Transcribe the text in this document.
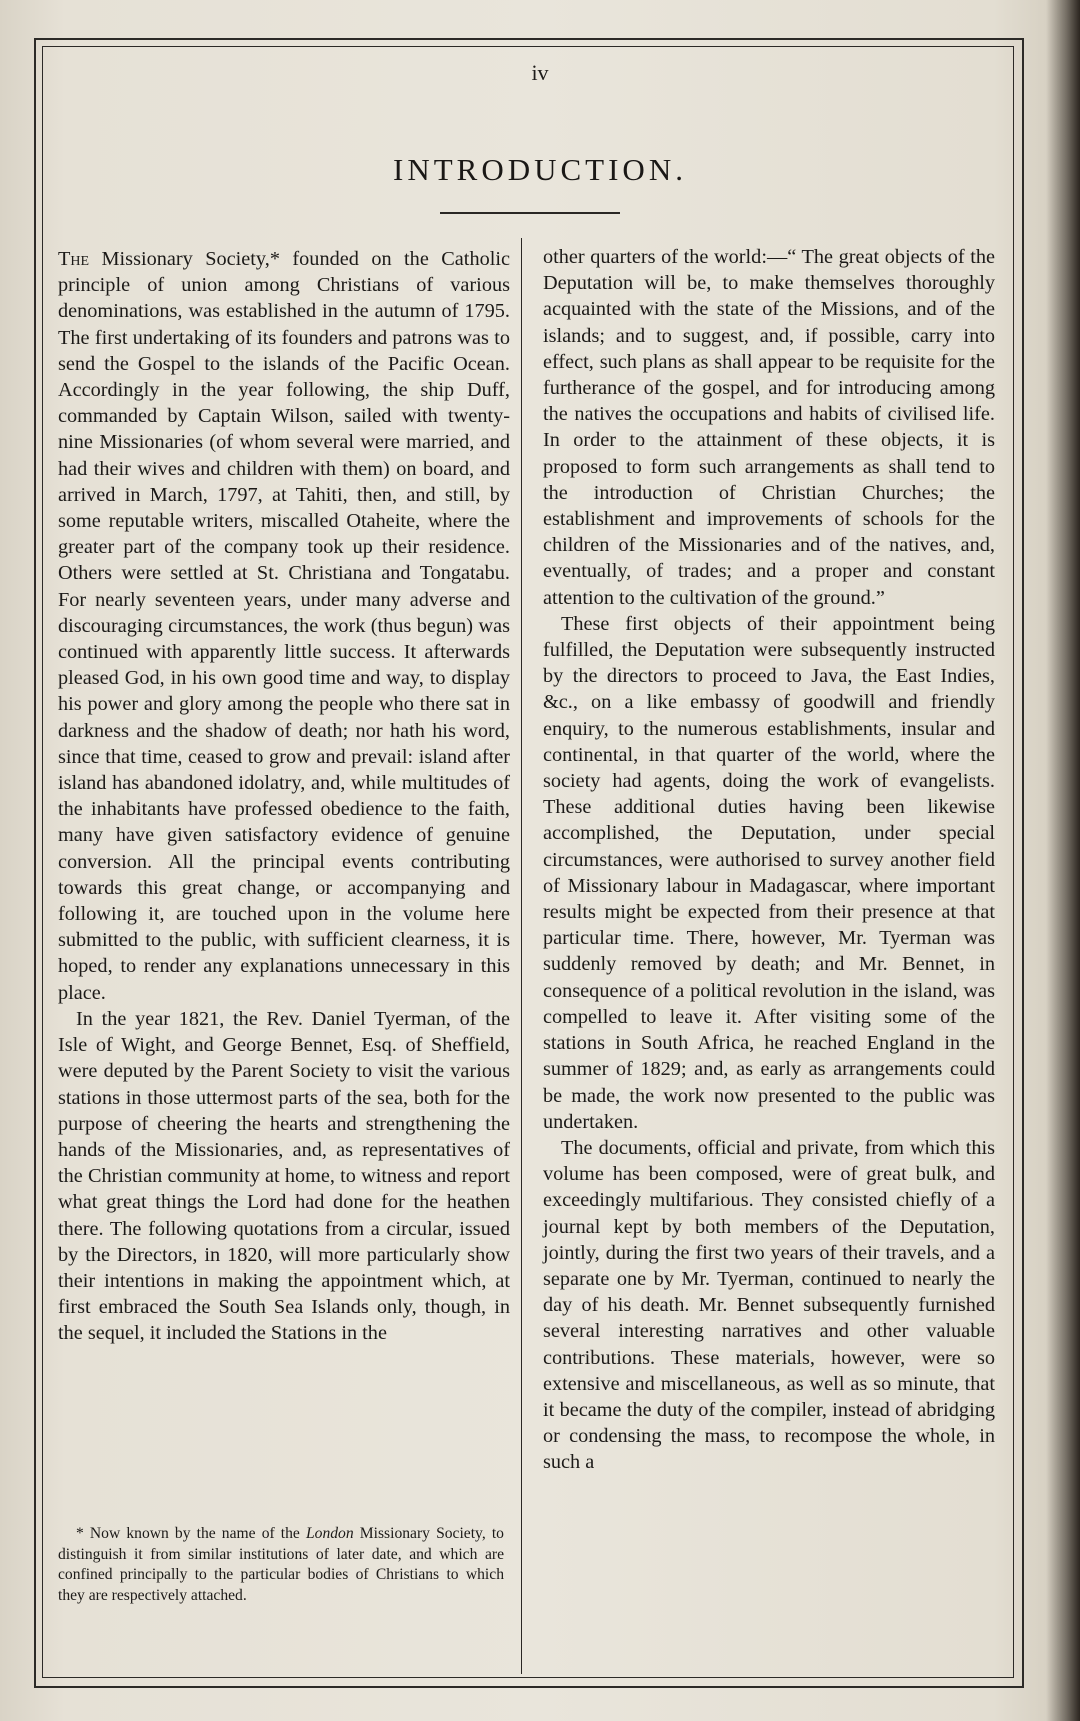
iv
INTRODUCTION.

The Missionary Society,* founded on the Catholic principle of union among Christians of various denominations, was established in the autumn of 1795. The first undertaking of its founders and patrons was to send the Gospel to the islands of the Pacific Ocean. Accordingly in the year following, the ship Duff, commanded by Captain Wilson, sailed with twenty-nine Missionaries (of whom several were married, and had their wives and children with them) on board, and arrived in March, 1797, at Tahiti, then, and still, by some reputable writers, miscalled Otaheite, where the greater part of the company took up their residence. Others were settled at St. Christiana and Tongatabu. For nearly seventeen years, under many adverse and discouraging circumstances, the work (thus begun) was continued with apparently little success. It afterwards pleased God, in his own good time and way, to display his power and glory among the people who there sat in darkness and the shadow of death; nor hath his word, since that time, ceased to grow and prevail: island after island has abandoned idolatry, and, while multitudes of the inhabitants have professed obedience to the faith, many have given satisfactory evidence of genuine conversion. All the principal events contributing towards this great change, or accompanying and following it, are touched upon in the volume here submitted to the public, with sufficient clearness, it is hoped, to render any explanations unnecessary in this place.

In the year 1821, the Rev. Daniel Tyerman, of the Isle of Wight, and George Bennet, Esq. of Sheffield, were deputed by the Parent Society to visit the various stations in those uttermost parts of the sea, both for the purpose of cheering the hearts and strengthening the hands of the Missionaries, and, as representatives of the Christian community at home, to witness and report what great things the Lord had done for the heathen there. The following quotations from a circular, issued by the Directors, in 1820, will more particularly show their intentions in making the appointment which, at first embraced the South Sea Islands only, though, in the sequel, it included the Stations in the

* Now known by the name of the London Missionary Society, to distinguish it from similar institutions of later date, and which are confined principally to the particular bodies of Christians to which they are respectively attached.

other quarters of the world:—“ The great objects of the Deputation will be, to make themselves thoroughly acquainted with the state of the Missions, and of the islands; and to suggest, and, if possible, carry into effect, such plans as shall appear to be requisite for the furtherance of the gospel, and for introducing among the natives the occupations and habits of civilised life. In order to the attainment of these objects, it is proposed to form such arrangements as shall tend to the introduction of Christian Churches; the establishment and improvements of schools for the children of the Missionaries and of the natives, and, eventually, of trades; and a proper and constant attention to the cultivation of the ground.”

These first objects of their appointment being fulfilled, the Deputation were subsequently instructed by the directors to proceed to Java, the East Indies, &c., on a like embassy of goodwill and friendly enquiry, to the numerous establishments, insular and continental, in that quarter of the world, where the society had agents, doing the work of evangelists. These additional duties having been likewise accomplished, the Deputation, under special circumstances, were authorised to survey another field of Missionary labour in Madagascar, where important results might be expected from their presence at that particular time. There, however, Mr. Tyerman was suddenly removed by death; and Mr. Bennet, in consequence of a political revolution in the island, was compelled to leave it. After visiting some of the stations in South Africa, he reached England in the summer of 1829; and, as early as arrangements could be made, the work now presented to the public was undertaken.

The documents, official and private, from which this volume has been composed, were of great bulk, and exceedingly multifarious. They consisted chiefly of a journal kept by both members of the Deputation, jointly, during the first two years of their travels, and a separate one by Mr. Tyerman, continued to nearly the day of his death. Mr. Bennet subsequently furnished several interesting narratives and other valuable contributions. These materials, however, were so extensive and miscellaneous, as well as so minute, that it became the duty of the compiler, instead of abridging or condensing the mass, to recompose the whole, in such a
